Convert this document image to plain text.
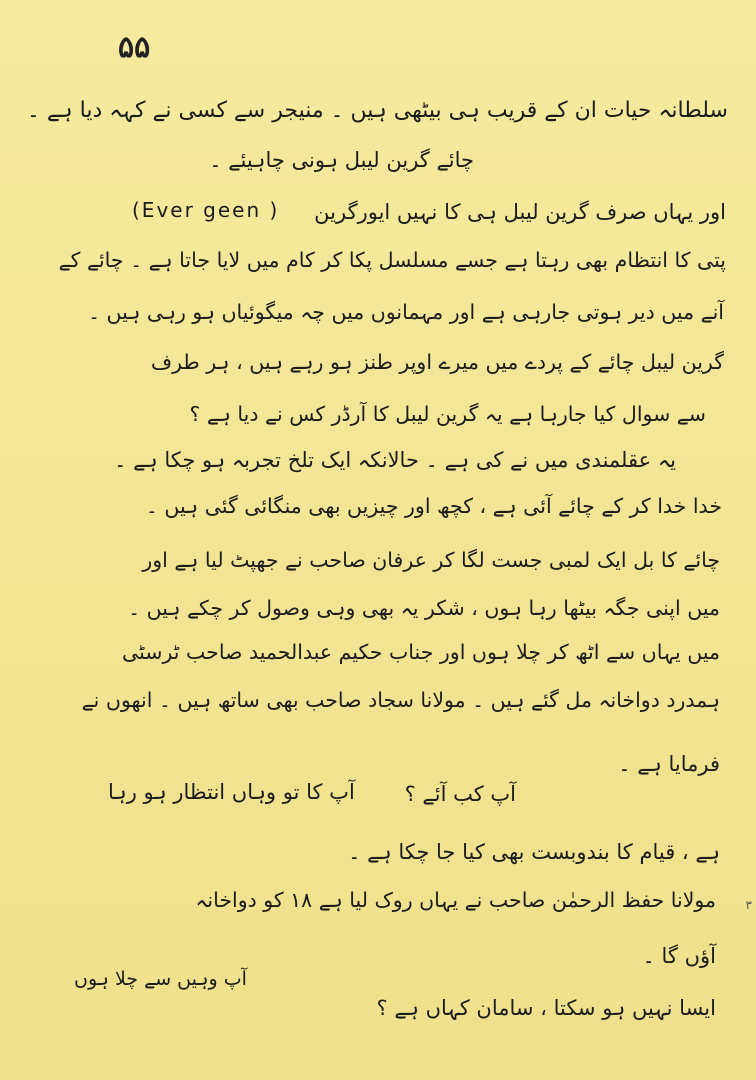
۵۵
سلطانہ حیات ان کے قریب ہی بیٹھی ہیں ۔ منیجر سے کسی نے کہہ دیا ہے ۔
چائے گرین لیبل ہونی چاہیئے ۔
اور یہاں صرف گرین لیبل ہی کا نہیں ایورگرین
(Ever geen )
پتی کا انتظام بھی رہتا ہے جسے مسلسل پکا کر کام میں لایا جاتا ہے ۔ چائے کے
آنے میں دیر ہوتی جارہی ہے اور مہمانوں میں چہ میگوئیاں ہو رہی ہیں ۔
گرین لیبل چائے کے پردے میں میرے اوپر طنز ہو رہے ہیں ، ہر طرف
سے سوال کیا جارہا ہے یہ گرین لیبل کا آرڈر کس نے دیا ہے ؟
یہ عقلمندی میں نے کی ہے ۔ حالانکہ ایک تلخ تجربہ ہو چکا ہے ۔
خدا خدا کر کے چائے آئی ہے ، کچھ اور چیزیں بھی منگائی گئی ہیں ۔
چائے کا بل ایک لمبی جست لگا کر عرفان صاحب نے جھپٹ لیا ہے اور
میں اپنی جگہ بیٹھا رہا ہوں ، شکر یہ بھی وہی وصول کر چکے ہیں ۔
میں یہاں سے اٹھ کر چلا ہوں اور جناب حکیم عبدالحمید صاحب ٹرسٹی
ہمدرد دواخانہ مل گئے ہیں ۔ مولانا سجاد صاحب بھی ساتھ ہیں ۔ انھوں نے
فرمایا ہے ۔
آپ کب آئے ؟
آپ کا تو وہاں انتظار ہو رہا
ہے ، قیام کا بندوبست بھی کیا جا چکا ہے ۔
مولانا حفظ الرحمٰن صاحب نے یہاں روک لیا ہے ۱۸ کو دواخانہ
آؤں گا ۔
ایسا نہیں ہو سکتا ، سامان کہاں ہے ؟
آپ وہیں سے چلا ہوں
۳
